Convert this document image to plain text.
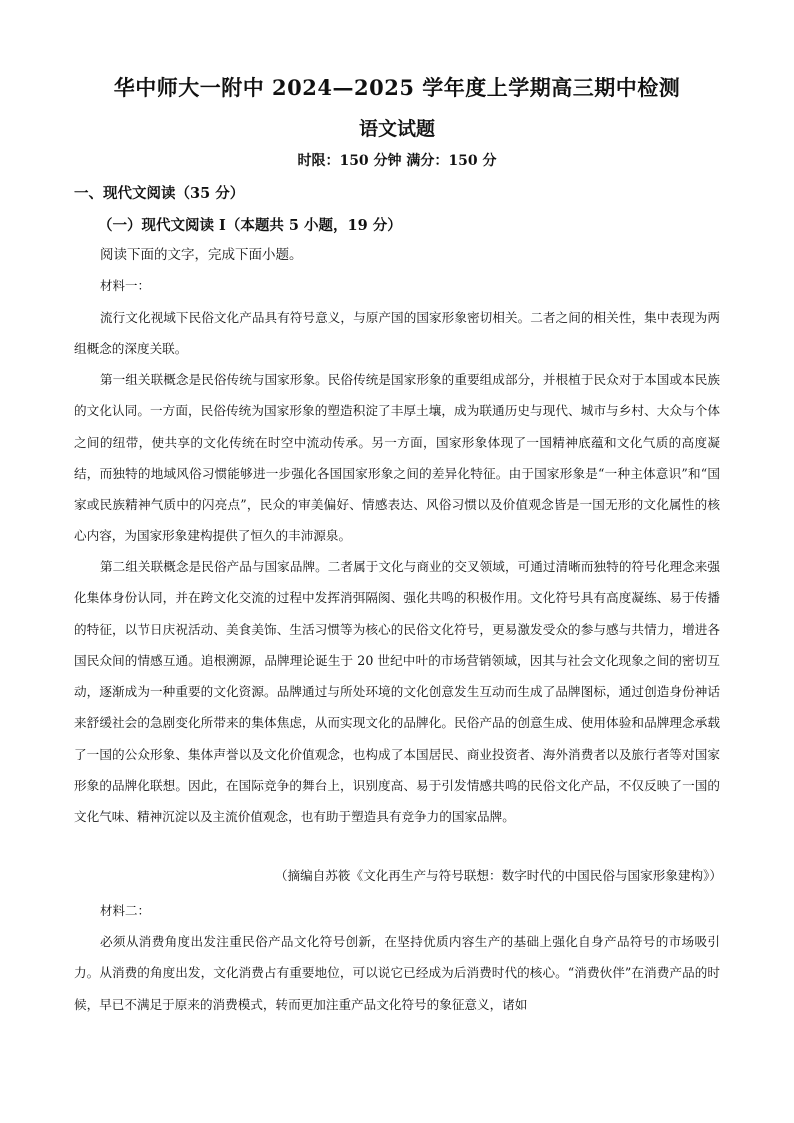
华中师大一附中 2024—2025 学年度上学期高三期中检测
语文试题
时限：150 分钟 满分：150 分
一、现代文阅读（35 分）
（一）现代文阅读 I（本题共 5 小题，19 分）
阅读下面的文字，完成下面小题。
材料一：
流行文化视域下民俗文化产品具有符号意义，与原产国的国家形象密切相关。二者之间的相关性，集中表现为两组概念的深度关联。
第一组关联概念是民俗传统与国家形象。民俗传统是国家形象的重要组成部分，并根植于民众对于本国或本民族的文化认同。一方面，民俗传统为国家形象的塑造积淀了丰厚土壤，成为联通历史与现代、城市与乡村、大众与个体之间的纽带，使共享的文化传统在时空中流动传承。另一方面，国家形象体现了一国精神底蕴和文化气质的高度凝结，而独特的地域风俗习惯能够进一步强化各国国家形象之间的差异化特征。由于国家形象是“一种主体意识”和“国家或民族精神气质中的闪亮点”，民众的审美偏好、情感表达、风俗习惯以及价值观念皆是一国无形的文化属性的核心内容，为国家形象建构提供了恒久的丰沛源泉。
第二组关联概念是民俗产品与国家品牌。二者属于文化与商业的交叉领域，可通过清晰而独特的符号化理念来强化集体身份认同，并在跨文化交流的过程中发挥消弭隔阂、强化共鸣的积极作用。文化符号具有高度凝练、易于传播的特征，以节日庆祝活动、美食美饰、生活习惯等为核心的民俗文化符号，更易激发受众的参与感与共情力，增进各国民众间的情感互通。追根溯源，品牌理论诞生于 20 世纪中叶的市场营销领域，因其与社会文化现象之间的密切互动，逐渐成为一种重要的文化资源。品牌通过与所处环境的文化创意发生互动而生成了品牌图标，通过创造身份神话来舒缓社会的急剧变化所带来的集体焦虑，从而实现文化的品牌化。民俗产品的创意生成、使用体验和品牌理念承载了一国的公众形象、集体声誉以及文化价值观念，也构成了本国居民、商业投资者、海外消费者以及旅行者等对国家形象的品牌化联想。因此，在国际竞争的舞台上，识别度高、易于引发情感共鸣的民俗文化产品，不仅反映了一国的文化气味、精神沉淀以及主流价值观念，也有助于塑造具有竞争力的国家品牌。
（摘编自苏筱《文化再生产与符号联想：数字时代的中国民俗与国家形象建构》）
材料二：
必须从消费角度出发注重民俗产品文化符号创新，在坚持优质内容生产的基础上强化自身产品符号的市场吸引力。从消费的角度出发，文化消费占有重要地位，可以说它已经成为后消费时代的核心。“消费伙伴”在消费产品的时候，早已不满足于原来的消费模式，转而更加注重产品文化符号的象征意义，诸如
